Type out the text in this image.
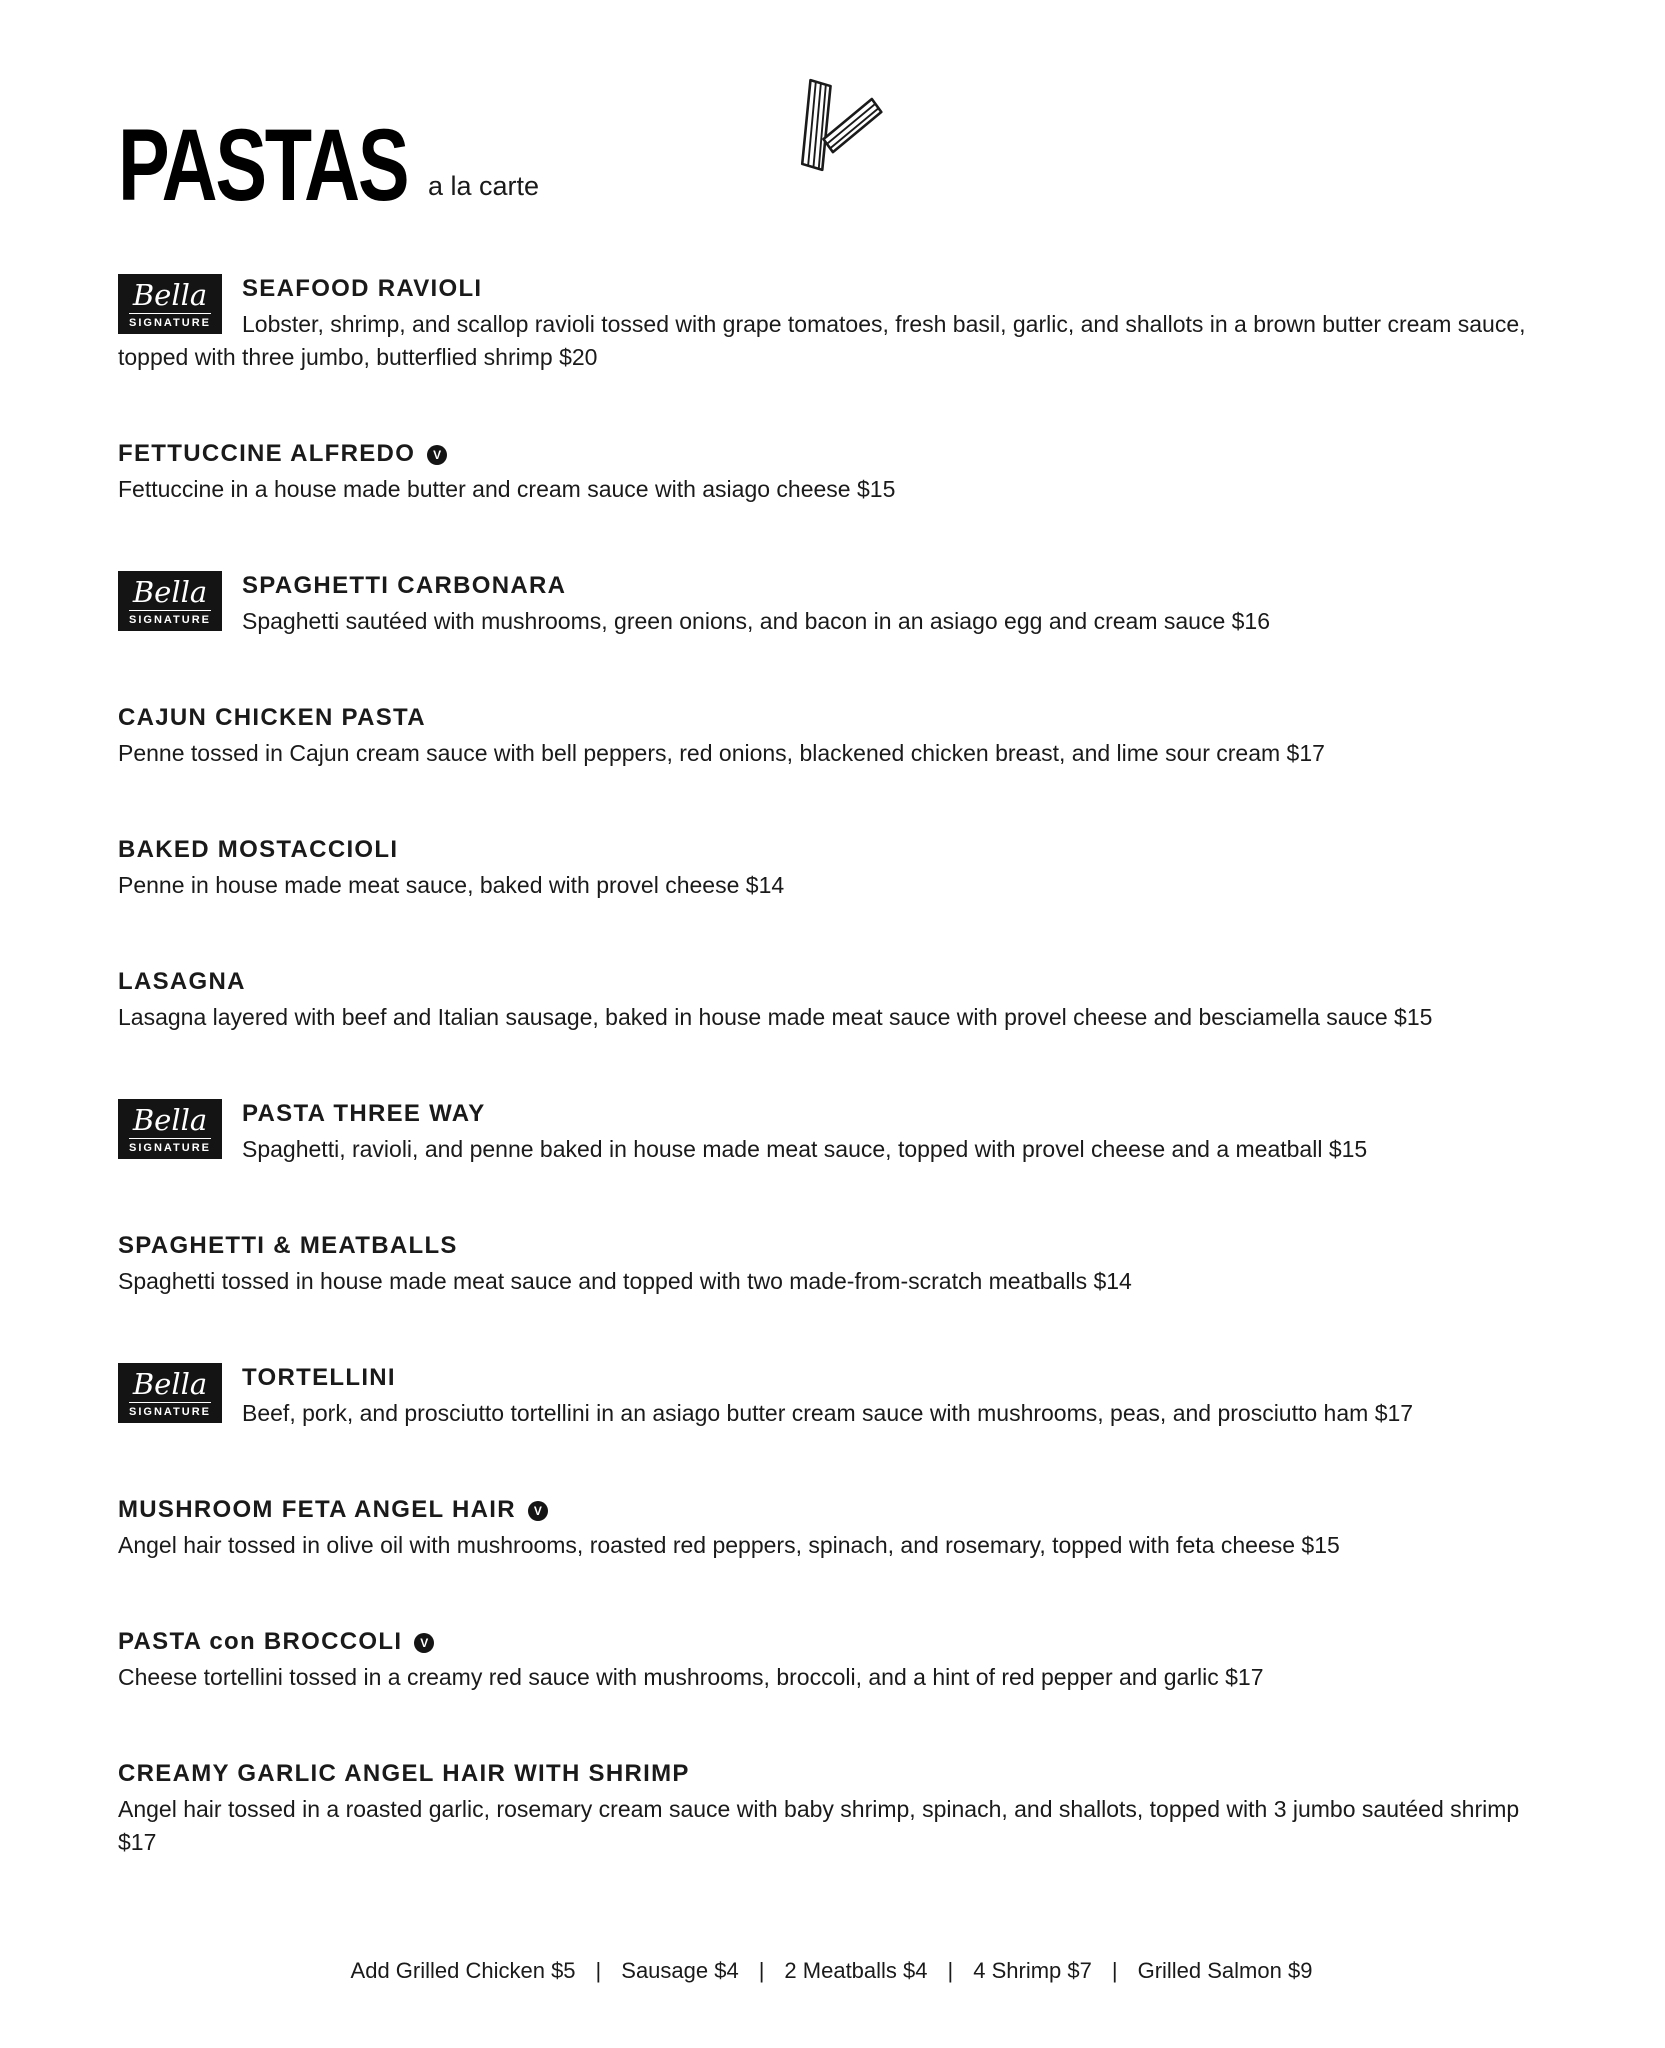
PASTAS a la carte
Bella
SIGNATURE
SEAFOOD RAVIOLI

Lobster, shrimp, and scallop ravioli tossed with grape tomatoes, fresh basil, garlic, and shallots in a brown butter cream sauce, topped with three jumbo, butterflied shrimp $20

FETTUCCINE ALFREDO V

Fettuccine in a house made butter and cream sauce with asiago cheese $15

Bella
SIGNATURE
SPAGHETTI CARBONARA

Spaghetti sautéed with mushrooms, green onions, and bacon in an asiago egg and cream sauce $16

CAJUN CHICKEN PASTA

Penne tossed in Cajun cream sauce with bell peppers, red onions, blackened chicken breast, and lime sour cream $17

BAKED MOSTACCIOLI

Penne in house made meat sauce, baked with provel cheese $14

LASAGNA

Lasagna layered with beef and Italian sausage, baked in house made meat sauce with provel cheese and besciamella sauce $15

Bella
SIGNATURE
PASTA THREE WAY

Spaghetti, ravioli, and penne baked in house made meat sauce, topped with provel cheese and a meatball $15

SPAGHETTI & MEATBALLS

Spaghetti tossed in house made meat sauce and topped with two made-from-scratch meatballs $14

Bella
SIGNATURE
TORTELLINI

Beef, pork, and prosciutto tortellini in an asiago butter cream sauce with mushrooms, peas, and prosciutto ham $17

MUSHROOM FETA ANGEL HAIR V

Angel hair tossed in olive oil with mushrooms, roasted red peppers, spinach, and rosemary, topped with feta cheese $15

PASTA con BROCCOLI V

Cheese tortellini tossed in a creamy red sauce with mushrooms, broccoli, and a hint of red pepper and garlic $17

CREAMY GARLIC ANGEL HAIR WITH SHRIMP

Angel hair tossed in a roasted garlic, rosemary cream sauce with baby shrimp, spinach, and shallots, topped with 3 jumbo sautéed shrimp $17

Add Grilled Chicken $5 | Sausage $4 | 2 Meatballs $4 | 4 Shrimp $7 | Grilled Salmon $9
